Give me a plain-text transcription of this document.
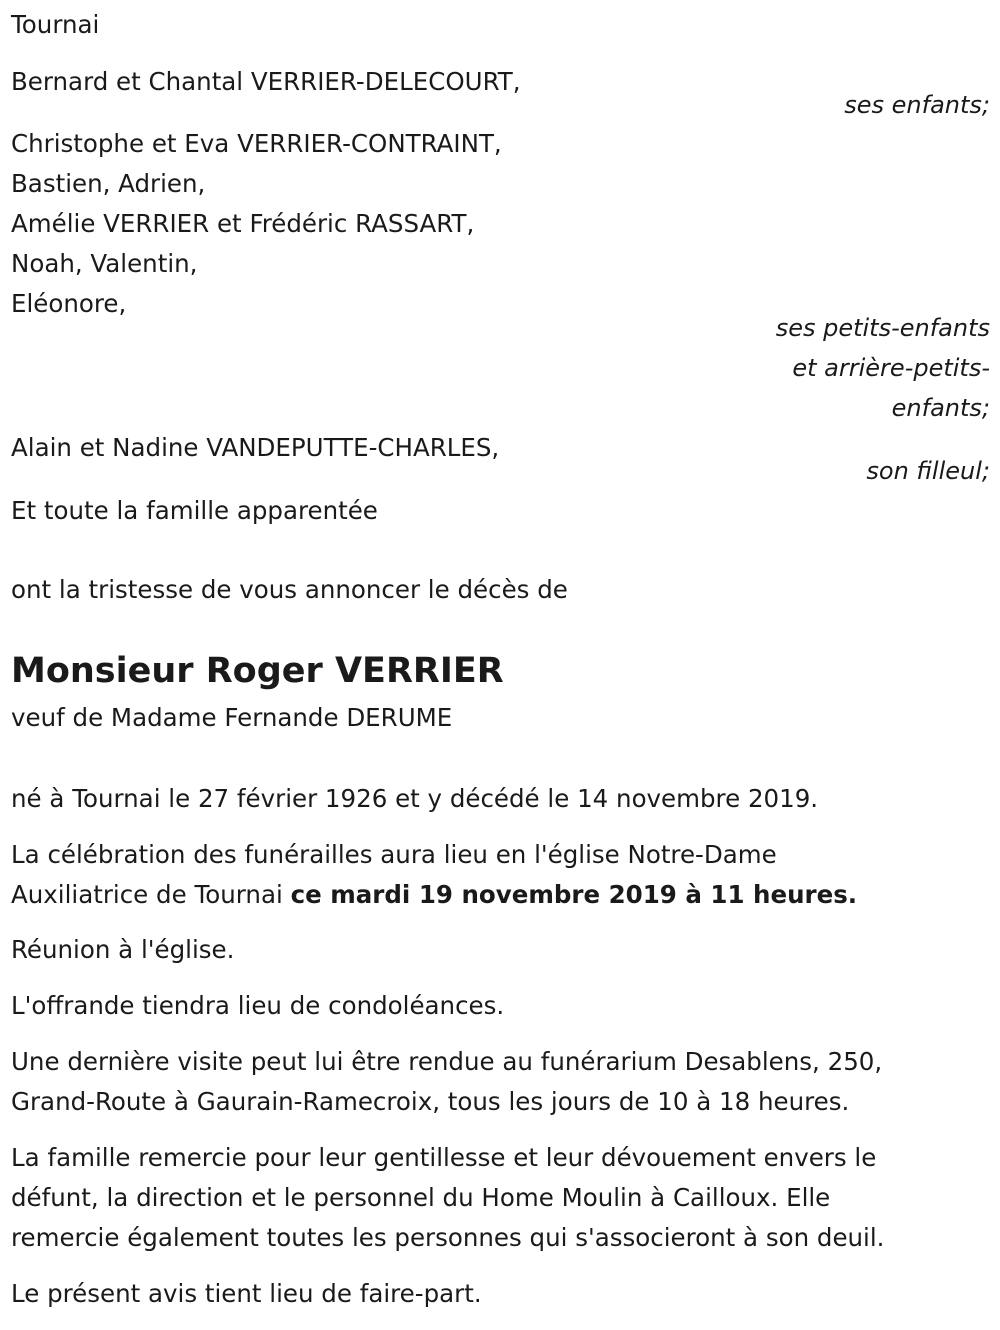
Tournai

Bernard et Chantal VERRIER-DELECOURT,

ses enfants;

Christophe et Eva VERRIER-CONTRAINT,

Bastien, Adrien,

Amélie VERRIER et Frédéric RASSART,

Noah, Valentin,

Eléonore,

ses petits-enfants

et arrière-petits-

enfants;

Alain et Nadine VANDEPUTTE-CHARLES,

son filleul;

Et toute la famille apparentée

ont la tristesse de vous annoncer le décès de

Monsieur Roger VERRIER

veuf de Madame Fernande DERUME

né à Tournai le 27 février 1926 et y décédé le 14 novembre 2019.

La célébration des funérailles aura lieu en l'église Notre-Dame

Auxiliatrice de Tournai ce mardi 19 novembre 2019 à 11 heures.

Réunion à l'église.

L'offrande tiendra lieu de condoléances.

Une dernière visite peut lui être rendue au funérarium Desablens, 250,

Grand-Route à Gaurain-Ramecroix, tous les jours de 10 à 18 heures.

La famille remercie pour leur gentillesse et leur dévouement envers le

défunt, la direction et le personnel du Home Moulin à Cailloux. Elle

remercie également toutes les personnes qui s'associeront à son deuil.

Le présent avis tient lieu de faire-part.
